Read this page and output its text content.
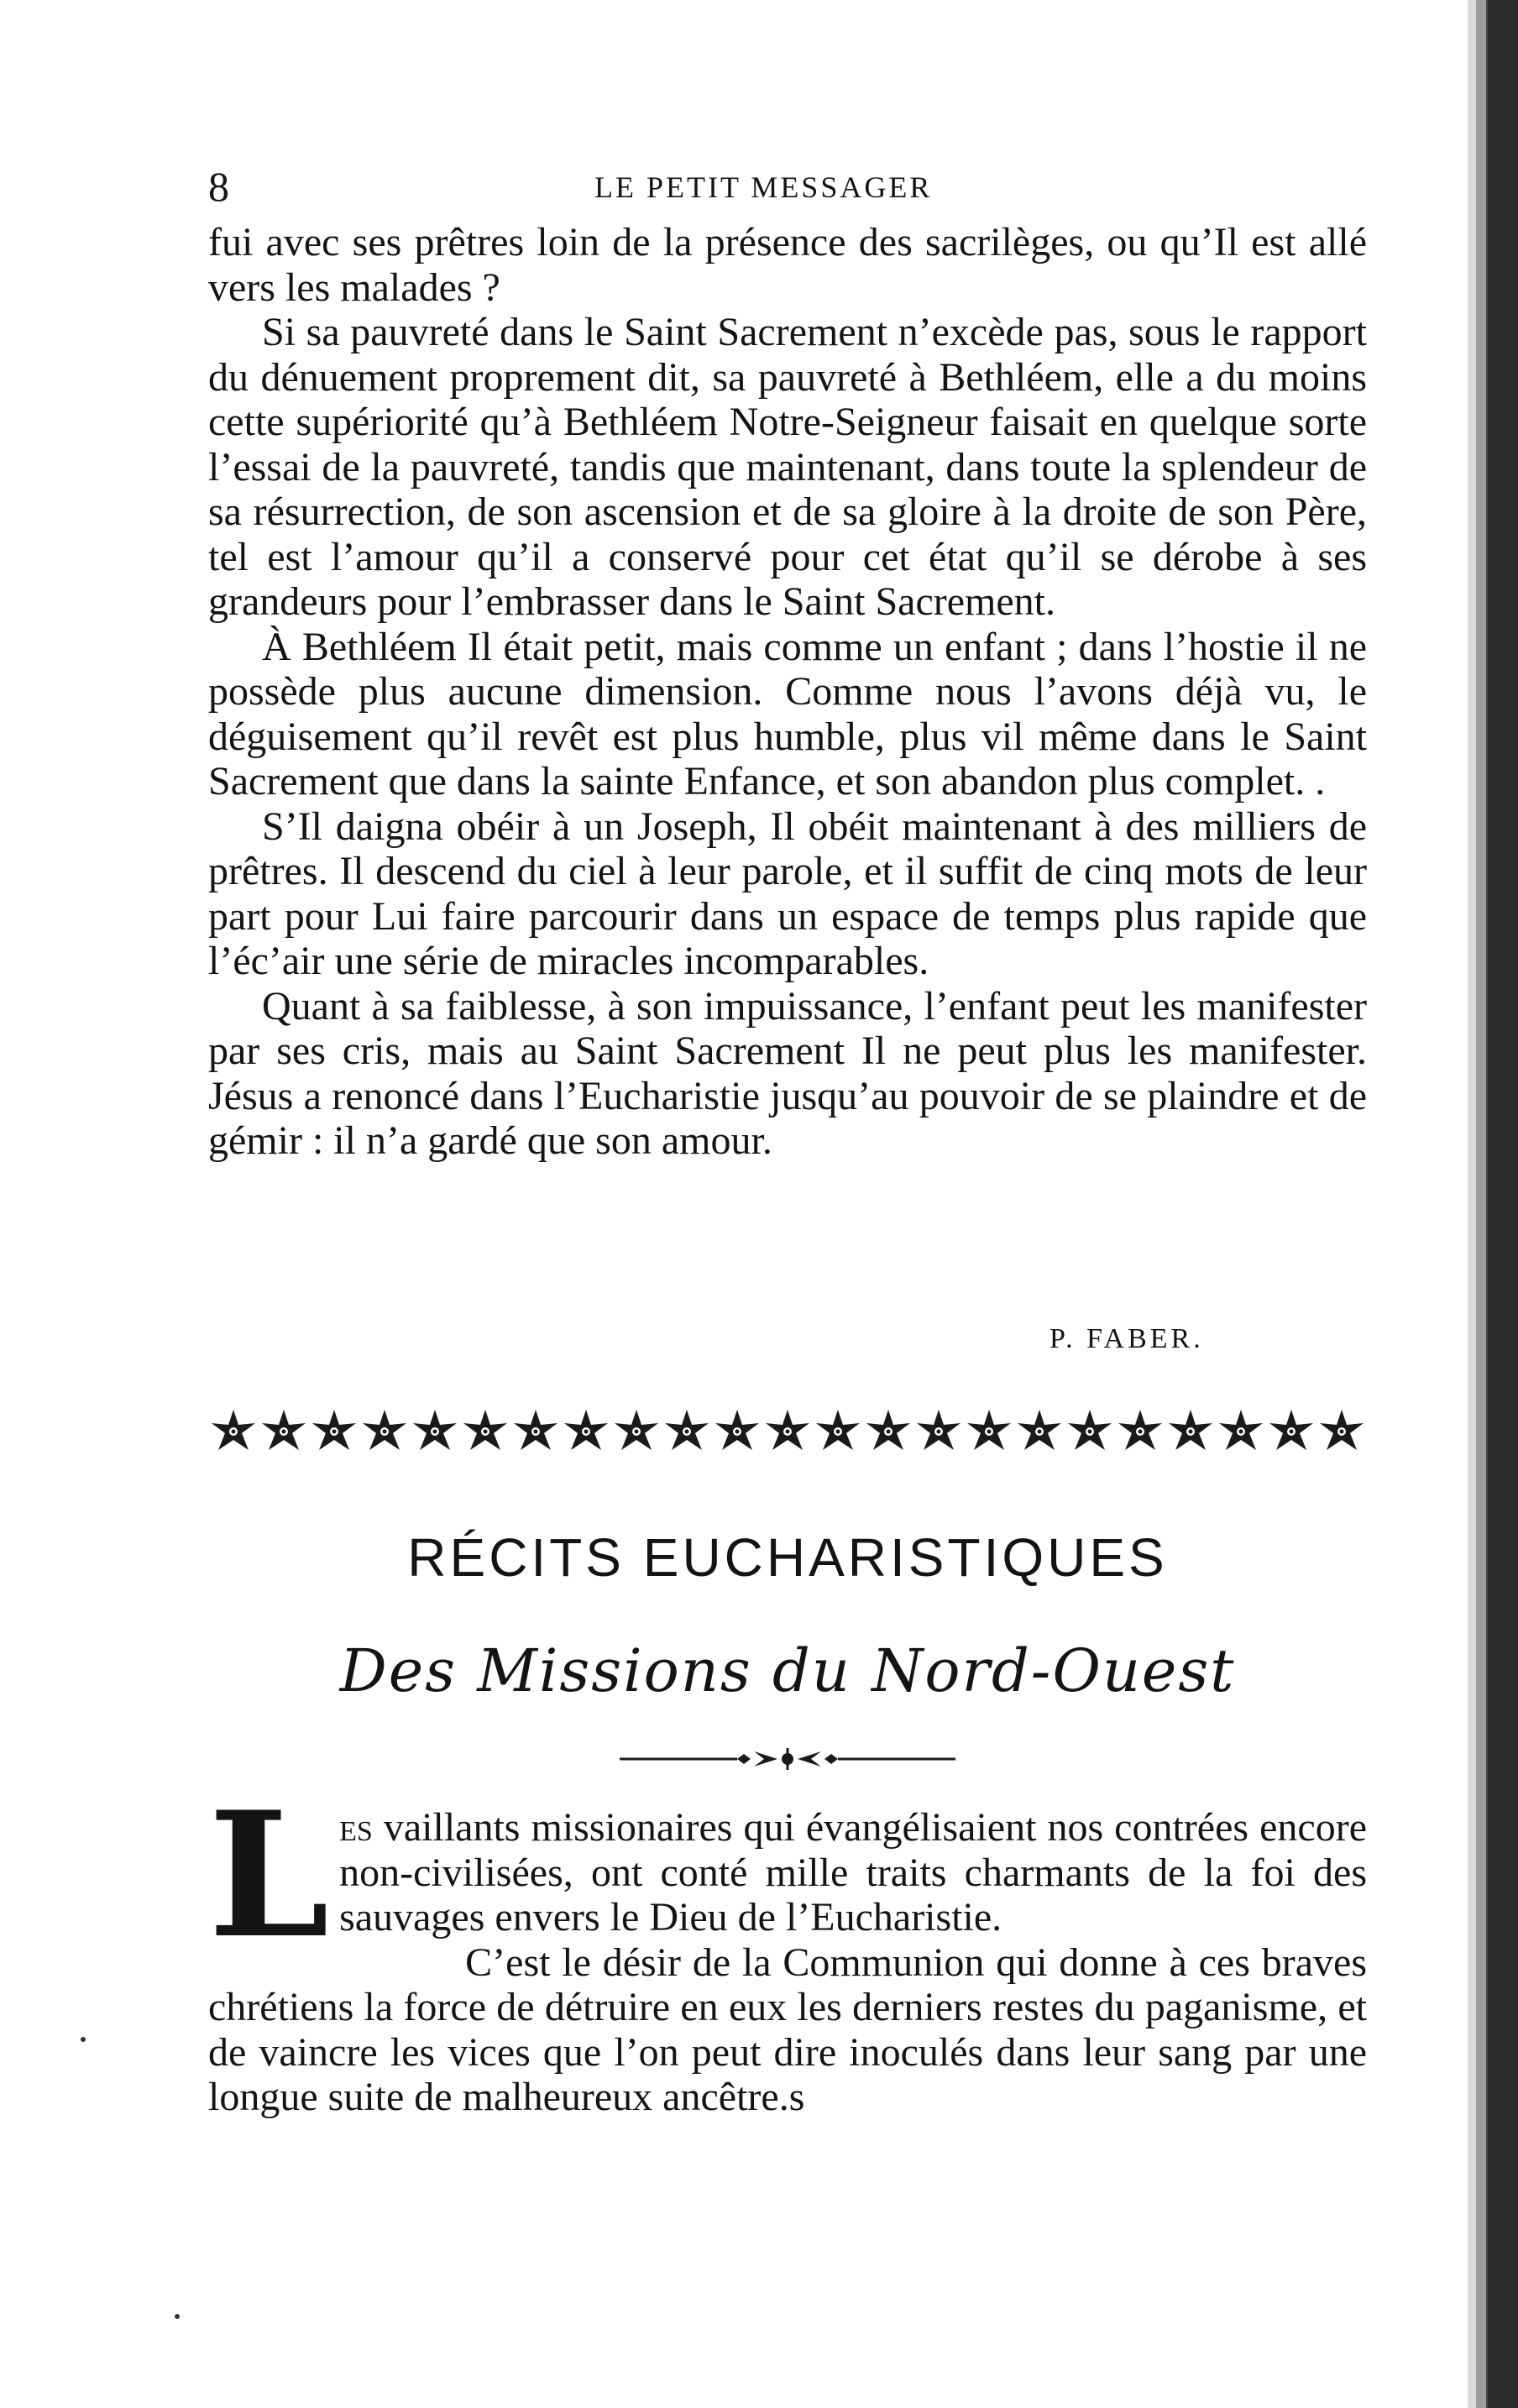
8	LE PETIT MESSAGER

fui avec ses prêtres loin de la présence des sacrilèges, ou qu’Il est allé vers les malades ?

Si sa pauvreté dans le Saint Sacrement n’excède pas, sous le rapport du dénuement proprement dit, sa pauvreté à Bethléem, elle a du moins cette supériorité qu’à Bethléem Notre-Seigneur faisait en quelque sorte l’essai de la pauvreté, tandis que maintenant, dans toute la splendeur de sa résurrection, de son ascension et de sa gloire à la droite de son Père, tel est l’amour qu’il a conservé pour cet état qu’il se dérobe à ses grandeurs pour l’embrasser dans le Saint Sacrement.

À Bethléem Il était petit, mais comme un enfant ; dans l’hostie il ne possède plus aucune dimension. Comme nous l’avons déjà vu, le déguisement qu’il revêt est plus humble, plus vil même dans le Saint Sacrement que dans la sainte Enfance, et son abandon plus complet. .

S’Il daigna obéir à un Joseph, Il obéit maintenant à des milliers de prêtres. Il descend du ciel à leur parole, et il suffit de cinq mots de leur part pour Lui faire parcourir dans un espace de temps plus rapide que l’éc’air une série de miracles incomparables.

Quant à sa faiblesse, à son impuissance, l’enfant peut les manifester par ses cris, mais au Saint Sacrement Il ne peut plus les manifester. Jésus a renoncé dans l’Eucharistie jusqu’au pouvoir de se plaindre et de gémir : il n’a gardé que son amour.

P. FABER.
RÉCITS EUCHARISTIQUES
Des Missions du Nord-Ouest

Les vaillants missionaires qui évangélisaient nos contrées encore non-civilisées, ont conté mille traits charmants de la foi des sauvages envers le Dieu de l’Eucharistie.

C’est le désir de la Communion qui donne à ces braves chrétiens la force de détruire en eux les derniers restes du paganisme, et de vaincre les vices que l’on peut dire inoculés dans leur sang par une longue suite de malheureux ancêtre.s
